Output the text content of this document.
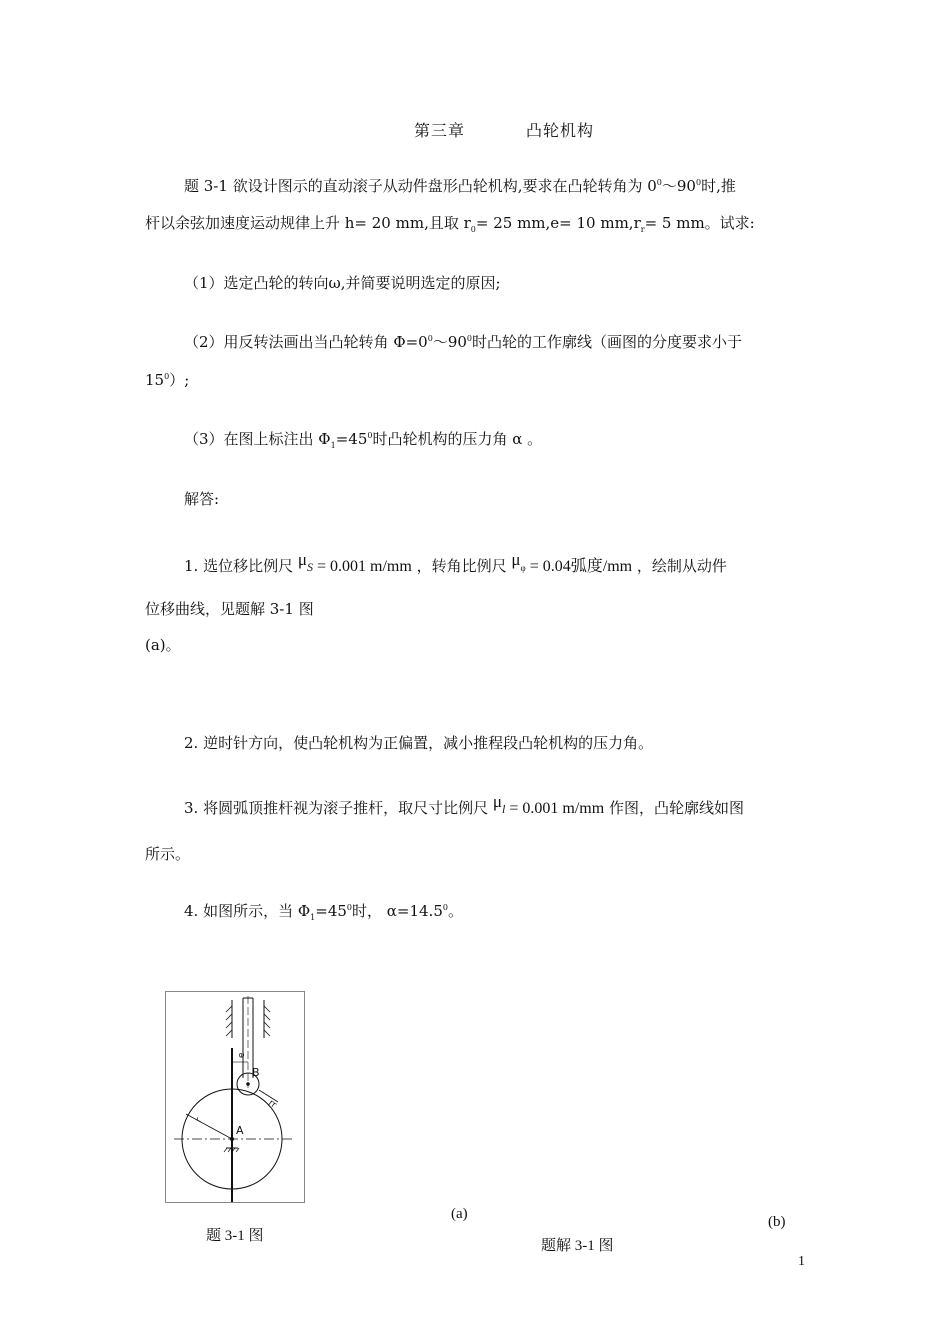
第三章	凸轮机构
题 3-1 欲设计图示的直动滚子从动件盘形凸轮机构,要求在凸轮转角为 $0^0\sim 90^0$时,推
杆以余弦加速度运动规律上升 h= 20 mm,且取 $r_0= 25$ mm,e= 10 $mm,r_r= 5$ mm。试求:
（1）选定凸轮的转向ω,并简要说明选定的原因;
（2）用反转法画出当凸轮转角 $\Phi=0^0\sim 90^0$时凸轮的工作廓线（画图的分度要求小于
$15^0$）;
（3）在图上标注出 $\Phi_1=45^0$时凸轮机构的压力角 α 。
解答:
1. 选位移比例尺 μS = 0.001 m/mm ，转角比例尺 μφ = 0.04弧度/mm ，绘制从动件
位移曲线，见题解 3-1 图
(a)。
2. 逆时针方向，使凸轮机构为正偏置，减小推程段凸轮机构的压力角。
3. 将圆弧顶推杆视为滚子推杆，取尺寸比例尺 μl = 0.001 m/mm 作图，凸轮廓线如图
所示。
4. 如图所示，当 $\Phi_1=45^0$时， $\alpha=14.5^0$。
A
B
r
rr
e
(a)	(b)
题 3-1 图
题解 3-1 图
1
